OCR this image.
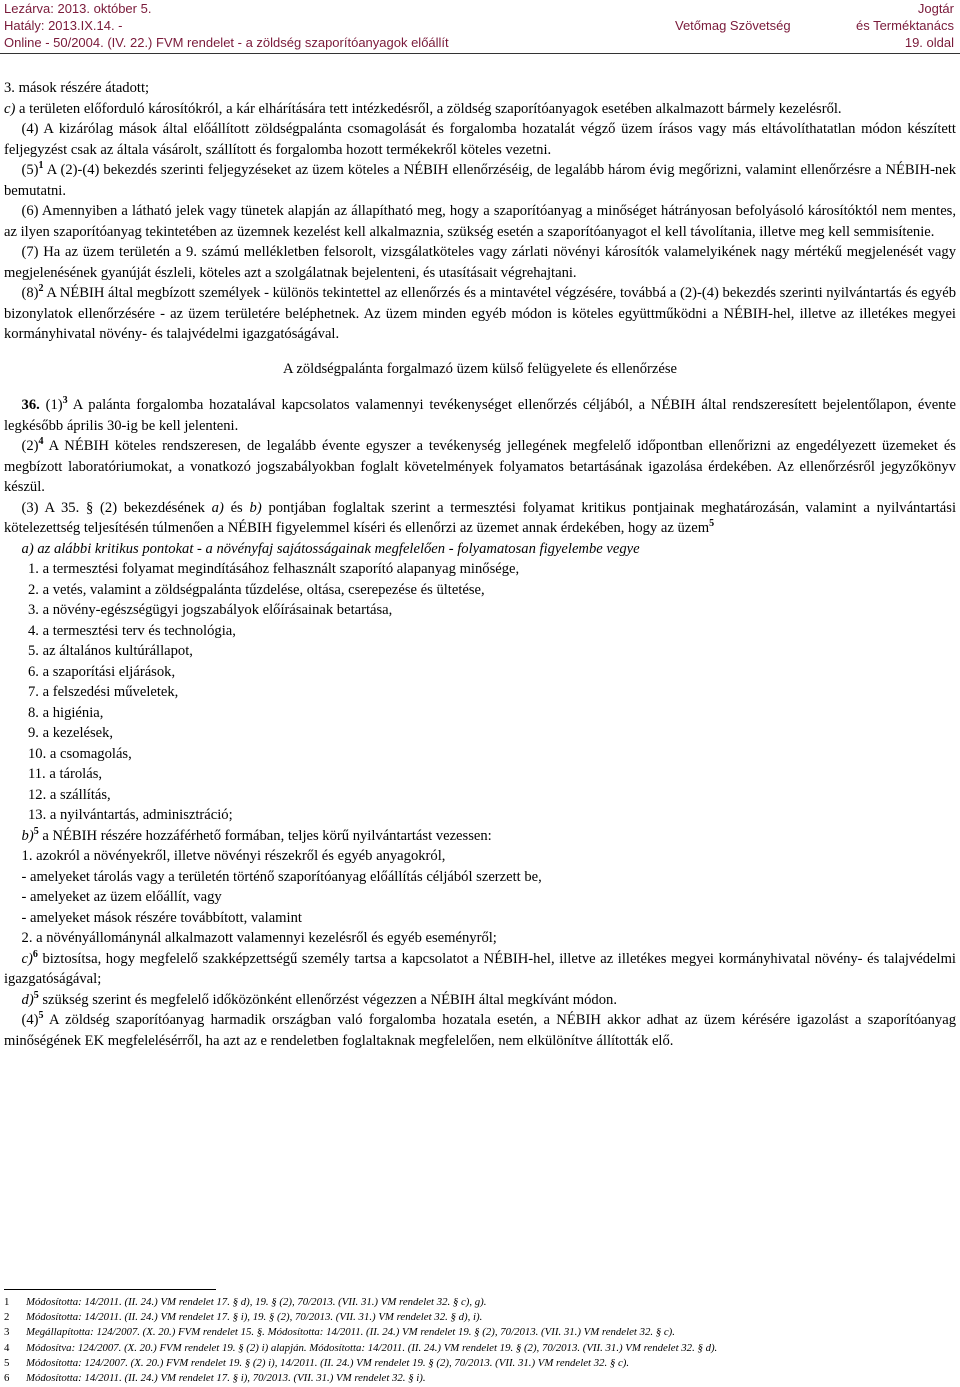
Lezárva: 2013. október 5.
Hatály: 2013.IX.14. -
Online - 50/2004. (IV. 22.) FVM rendelet - a zöldség szaporítóanyagok előállít
Vetőmag Szövetség
Jogtár
és Terméktanács
19. oldal

3. mások részére átadott;

c) a területen előforduló károsítókról, a kár elhárítására tett intézkedésről, a zöldség szaporítóanyagok esetében alkalmazott bármely kezelésről.

(4) A kizárólag mások által előállított zöldségpalánta csomagolását és forgalomba hozatalát végző üzem írásos vagy más eltávolíthatatlan módon készített feljegyzést csak az általa vásárolt, szállított és forgalomba hozott termékekről köteles vezetni.

$(5)^1$ A (2)-(4) bekezdés szerinti feljegyzéseket az üzem köteles a NÉBIH ellenőrzéséig, de legalább három évig megőrizni, valamint ellenőrzésre a NÉBIH-nek bemutatni.

(6) Amennyiben a látható jelek vagy tünetek alapján az állapítható meg, hogy a szaporítóanyag a minőséget hátrányosan befolyásoló károsítóktól nem mentes, az ilyen szaporítóanyag tekintetében az üzemnek kezelést kell alkalmaznia, szükség esetén a szaporítóanyagot el kell távolítania, illetve meg kell semmisítenie.

(7) Ha az üzem területén a 9. számú mellékletben felsorolt, vizsgálatköteles vagy zárlati növényi károsítók valamelyikének nagy mértékű megjelenését vagy megjelenésének gyanúját észleli, köteles azt a szolgálatnak bejelenteni, és utasításait végrehajtani.

$(8)^2$ A NÉBIH által megbízott személyek - különös tekintettel az ellenőrzés és a mintavétel végzésére, továbbá a (2)-(4) bekezdés szerinti nyilvántartás és egyéb bizonylatok ellenőrzésére - az üzem területére beléphetnek. Az üzem minden egyéb módon is köteles együttműködni a NÉBIH-hel, illetve az illetékes megyei kormányhivatal növény- és talajvédelmi igazgatóságával.

A zöldségpalánta forgalmazó üzem külső felügyelete és ellenőrzése

36. $(1)^3$ A palánta forgalomba hozatalával kapcsolatos valamennyi tevékenységet ellenőrzés céljából, a NÉBIH által rendszeresített bejelentőlapon, évente legkésőbb április 30-ig be kell jelenteni.

$(2)^4$ A NÉBIH köteles rendszeresen, de legalább évente egyszer a tevékenység jellegének megfelelő időpontban ellenőrizni az engedélyezett üzemeket és megbízott laboratóriumokat, a vonatkozó jogszabályokban foglalt követelmények folyamatos betartásának igazolása érdekében. Az ellenőrzésről jegyzőkönyv készül.

(3) A 35. § (2) bekezdésének a) és b) pontjában foglaltak szerint a termesztési folyamat kritikus pontjainak meghatározásán, valamint a nyilvántartási kötelezettség teljesítésén túlmenően a NÉBIH figyelemmel kíséri és ellenőrzi az üzemet annak érdekében, hogy az üzem$^5$

a) az alábbi kritikus pontokat - a növényfaj sajátosságainak megfelelően - folyamatosan figyelembe vegye

1. a termesztési folyamat megindításához felhasznált szaporító alapanyag minősége,

2. a vetés, valamint a zöldségpalánta tűzdelése, oltása, cserepezése és ültetése,

3. a növény-egészségügyi jogszabályok előírásainak betartása,

4. a termesztési terv és technológia,

5. az általános kultúrállapot,

6. a szaporítási eljárások,

7. a felszedési műveletek,

8. a higiénia,

9. a kezelések,

10. a csomagolás,

11. a tárolás,

12. a szállítás,

13. a nyilvántartás, adminisztráció;

b)$^5$ a NÉBIH részére hozzáférhető formában, teljes körű nyilvántartást vezessen:

1. azokról a növényekről, illetve növényi részekről és egyéb anyagokról,

- amelyeket tárolás vagy a területén történő szaporítóanyag előállítás céljából szerzett be,

- amelyeket az üzem előállít, vagy

- amelyeket mások részére továbbított, valamint

2. a növényállománynál alkalmazott valamennyi kezelésről és egyéb eseményről;

c)$^6$ biztosítsa, hogy megfelelő szakképzettségű személy tartsa a kapcsolatot a NÉBIH-hel, illetve az illetékes megyei kormányhivatal növény- és talajvédelmi igazgatóságával;

d)$^5$ szükség szerint és megfelelő időközönként ellenőrzést végezzen a NÉBIH által megkívánt módon.

$(4)^5$ A zöldség szaporítóanyag harmadik országban való forgalomba hozatala esetén, a NÉBIH akkor adhat az üzem kérésére igazolást a szaporítóanyag minőségének EK megfelelésérről, ha azt az e rendeletben foglaltaknak megfelelően, nem elkülönítve állították elő.

1 Módosította: 14/2011. (II. 24.) VM rendelet 17. § d), 19. § (2), 70/2013. (VII. 31.) VM rendelet 32. § c), g).
2 Módosította: 14/2011. (II. 24.) VM rendelet 17. § i), 19. § (2), 70/2013. (VII. 31.) VM rendelet 32. § d), i).
3 Megállapította: 124/2007. (X. 20.) FVM rendelet 15. §. Módosította: 14/2011. (II. 24.) VM rendelet 19. § (2), 70/2013. (VII. 31.) VM rendelet 32. § c).
4 Módosítva: 124/2007. (X. 20.) FVM rendelet 19. § (2) i) alapján. Módosította: 14/2011. (II. 24.) VM rendelet 19. § (2), 70/2013. (VII. 31.) VM rendelet 32. § d).
5 Módosította: 124/2007. (X. 20.) FVM rendelet 19. § (2) i), 14/2011. (II. 24.) VM rendelet 19. § (2), 70/2013. (VII. 31.) VM rendelet 32. § c).
6 Módosította: 14/2011. (II. 24.) VM rendelet 17. § i), 70/2013. (VII. 31.) VM rendelet 32. § i).
